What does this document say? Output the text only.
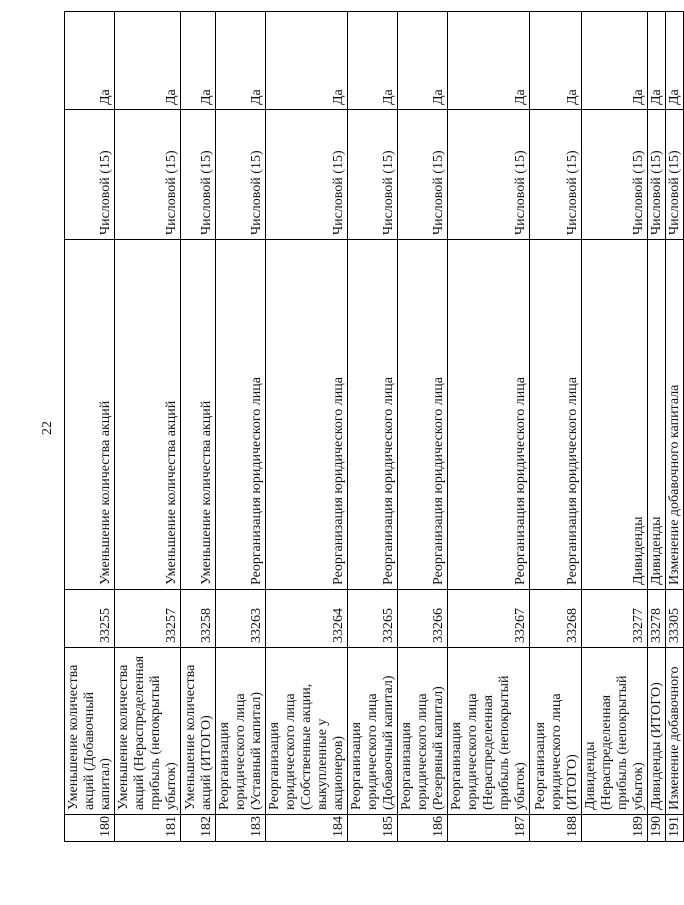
22
180	Уменьшение количества акций (Добавочный капитал)	33255	Уменьшение количества акций	Числовой (15)	Да
181	Уменьшение количества акций (Нераспределенная прибыль (непокрытый убыток)	33257	Уменьшение количества акций	Числовой (15)	Да
182	Уменьшение количества акций (ИТОГО)	33258	Уменьшение количества акций	Числовой (15)	Да
183	Реорганизация юридического лица (Уставный капитал)	33263	Реорганизация юридического лица	Числовой (15)	Да
184	Реорганизация юридического лица (Собственные акции, выкупленные у акционеров)	33264	Реорганизация юридического лица	Числовой (15)	Да
185	Реорганизация юридического лица (Добавочный капитал)	33265	Реорганизация юридического лица	Числовой (15)	Да
186	Реорганизация юридического лица (Резервный капитал)	33266	Реорганизация юридического лица	Числовой (15)	Да
187	Реорганизация юридического лица (Нераспределенная прибыль (непокрытый убыток)	33267	Реорганизация юридического лица	Числовой (15)	Да
188	Реорганизация юридического лица (ИТОГО)	33268	Реорганизация юридического лица	Числовой (15)	Да
189	Дивиденды (Нераспределенная прибыль (непокрытый убыток)	33277	Дивиденды	Числовой (15)	Да
190	Дивиденды (ИТОГО)	33278	Дивиденды	Числовой (15)	Да
191	Изменение добавочного	33305	Изменение добавочного капитала	Числовой (15)	Да
